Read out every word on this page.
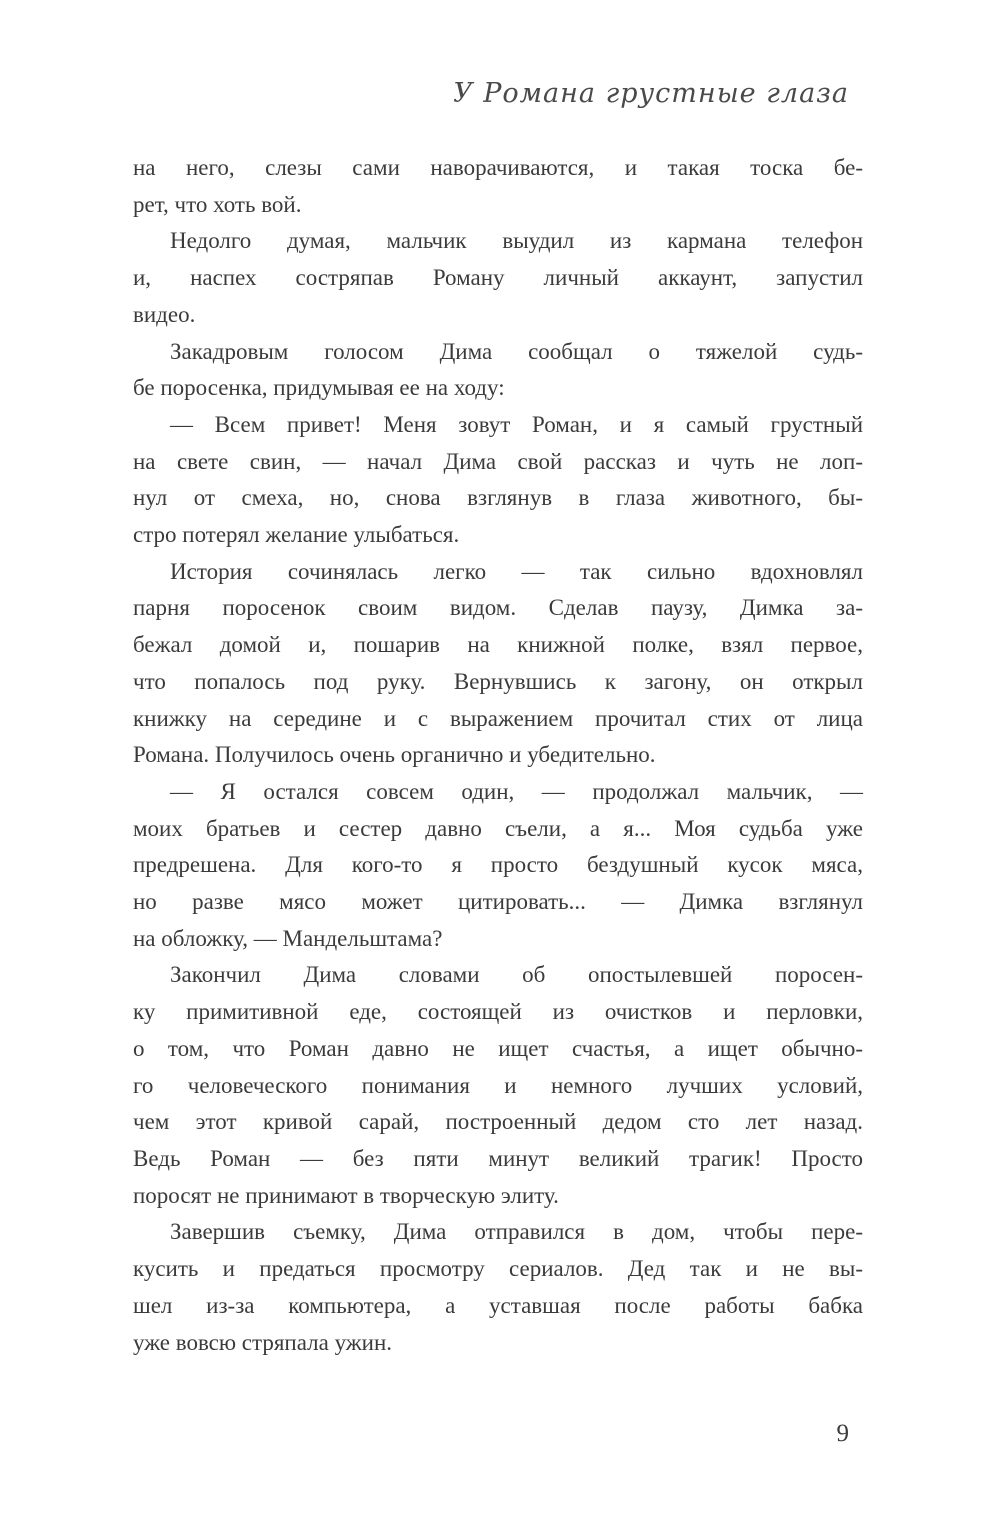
У Романа грустные глаза
на него, слезы сами наворачиваются, и такая тоска бе-
рет, что хоть вой.
Недолго думая, мальчик выудил из кармана телефон
и, наспех состряпав Роману личный аккаунт, запустил
видео.
Закадровым голосом Дима сообщал о тяжелой судь-
бе поросенка, придумывая ее на ходу:
— Всем привет! Меня зовут Роман, и я самый грустный
на свете свин, — начал Дима свой рассказ и чуть не лоп-
нул от смеха, но, снова взглянув в глаза животного, бы-
стро потерял желание улыбаться.
История сочинялась легко — так сильно вдохновлял
парня поросенок своим видом. Сделав паузу, Димка за-
бежал домой и, пошарив на книжной полке, взял первое,
что попалось под руку. Вернувшись к загону, он открыл
книжку на середине и с выражением прочитал стих от лица
Романа. Получилось очень органично и убедительно.
— Я остался совсем один, — продолжал мальчик, —
моих братьев и сестер давно съели, а я... Моя судьба уже
предрешена. Для кого-то я просто бездушный кусок мяса,
но разве мясо может цитировать... — Димка взглянул
на обложку, — Мандельштама?
Закончил Дима словами об опостылевшей поросен-
ку примитивной еде, состоящей из очистков и перловки,
о том, что Роман давно не ищет счастья, а ищет обычно-
го человеческого понимания и немного лучших условий,
чем этот кривой сарай, построенный дедом сто лет назад.
Ведь Роман — без пяти минут великий трагик! Просто
поросят не принимают в творческую элиту.
Завершив съемку, Дима отправился в дом, чтобы пере-
кусить и предаться просмотру сериалов. Дед так и не вы-
шел из-за компьютера, а уставшая после работы бабка
уже вовсю стряпала ужин.
9
